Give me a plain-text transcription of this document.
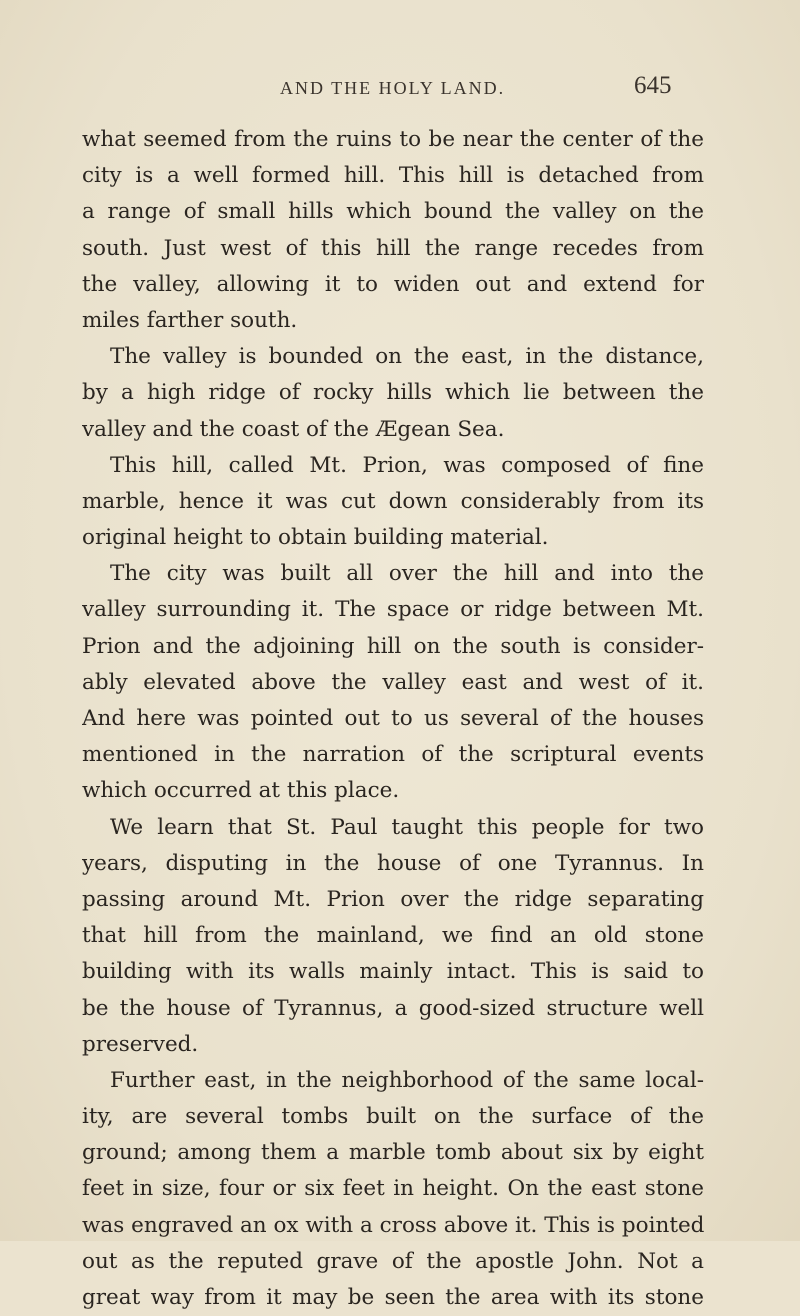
AND THE HOLY LAND.	645
what seemed from the ruins to be near the center of the
city is a well formed hill. This hill is detached from
a range of small hills which bound the valley on the
south. Just west of this hill the range recedes from
the valley, allowing it to widen out and extend for
miles farther south.
The valley is bounded on the east, in the distance,
by a high ridge of rocky hills which lie between the
valley and the coast of the Ægean Sea.
This hill, called Mt. Prion, was composed of fine
marble, hence it was cut down considerably from its
original height to obtain building material.
The city was built all over the hill and into the
valley surrounding it. The space or ridge between Mt.
Prion and the adjoining hill on the south is consider-
ably elevated above the valley east and west of it.
And here was pointed out to us several of the houses
mentioned in the narration of the scriptural events
which occurred at this place.
We learn that St. Paul taught this people for two
years, disputing in the house of one Tyrannus. In
passing around Mt. Prion over the ridge separating
that hill from the mainland, we find an old stone
building with its walls mainly intact. This is said to
be the house of Tyrannus, a good-sized structure well
preserved.
Further east, in the neighborhood of the same local-
ity, are several tombs built on the surface of the
ground; among them a marble tomb about six by eight
feet in size, four or six feet in height. On the east stone
was engraved an ox with a cross above it. This is pointed
out as the reputed grave of the apostle John. Not a
great way from it may be seen the area with its stone
